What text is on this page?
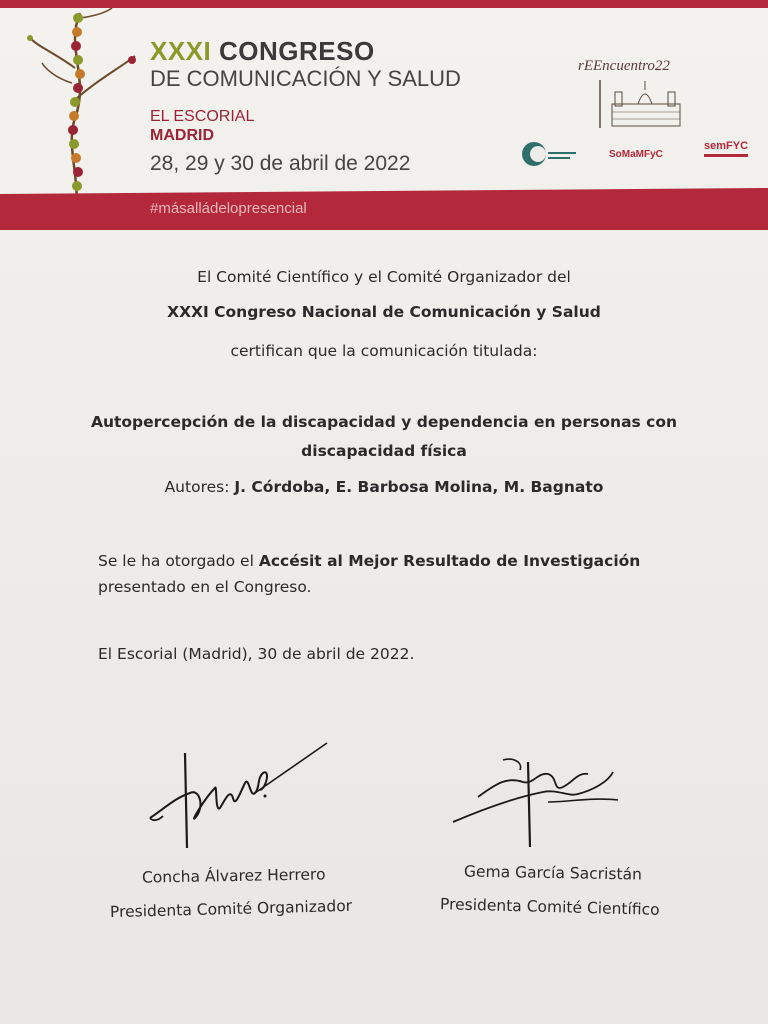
XXXI CONGRESO
DE COMUNICACIÓN Y SALUD
EL ESCORIAL
MADRID
28, 29 y 30 de abril de 2022
rEEncuentro22
SoMaMFyC
semFYC
#másalládelopresencial
El Comité Científico y el Comité Organizador del
XXXI Congreso Nacional de Comunicación y Salud
certifican que la comunicación titulada:
Autopercepción de la discapacidad y dependencia en personas con
discapacidad física
Autores: J. Córdoba, E. Barbosa Molina, M. Bagnato
Se le ha otorgado el Accésit al Mejor Resultado de Investigación
presentado en el Congreso.
El Escorial (Madrid), 30 de abril de 2022.
Concha Álvarez Herrero
Presidenta Comité Organizador
Gema García Sacristán
Presidenta Comité Científico
